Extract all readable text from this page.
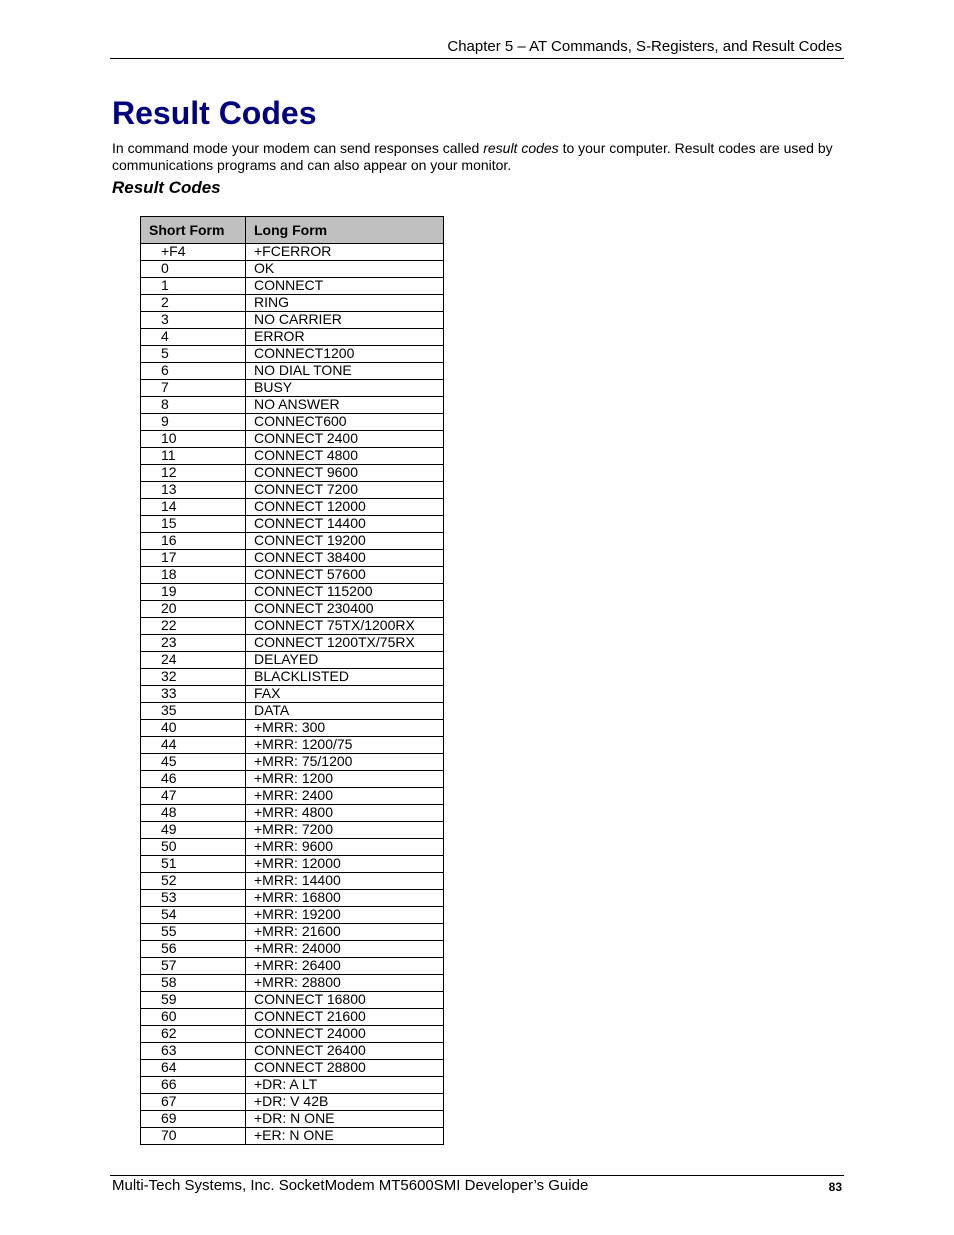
Chapter 5 – AT Commands, S-Registers, and Result Codes
Result Codes

In command mode your modem can send responses called result codes to your computer. Result codes are used by communications programs and can also appear on your monitor.

Result Codes
Short Form	Long Form
+F4	+FCERROR
0	OK
1	CONNECT
2	RING
3	NO CARRIER
4	ERROR
5	CONNECT1200
6	NO DIAL TONE
7	BUSY
8	NO ANSWER
9	CONNECT600
10	CONNECT 2400
11	CONNECT 4800
12	CONNECT 9600
13	CONNECT 7200
14	CONNECT 12000
15	CONNECT 14400
16	CONNECT 19200
17	CONNECT 38400
18	CONNECT 57600
19	CONNECT 115200
20	CONNECT 230400
22	CONNECT 75TX/1200RX
23	CONNECT 1200TX/75RX
24	DELAYED
32	BLACKLISTED
33	FAX
35	DATA
40	+MRR: 300
44	+MRR: 1200/75
45	+MRR: 75/1200
46	+MRR: 1200
47	+MRR: 2400
48	+MRR: 4800
49	+MRR: 7200
50	+MRR: 9600
51	+MRR: 12000
52	+MRR: 14400
53	+MRR: 16800
54	+MRR: 19200
55	+MRR: 21600
56	+MRR: 24000
57	+MRR: 26400
58	+MRR: 28800
59	CONNECT 16800
60	CONNECT 21600
62	CONNECT 24000
63	CONNECT 26400
64	CONNECT 28800
66	+DR: A LT
67	+DR: V 42B
69	+DR: N ONE
70	+ER: N ONE
Multi-Tech Systems, Inc. SocketModem MT5600SMI Developer’s Guide	83
